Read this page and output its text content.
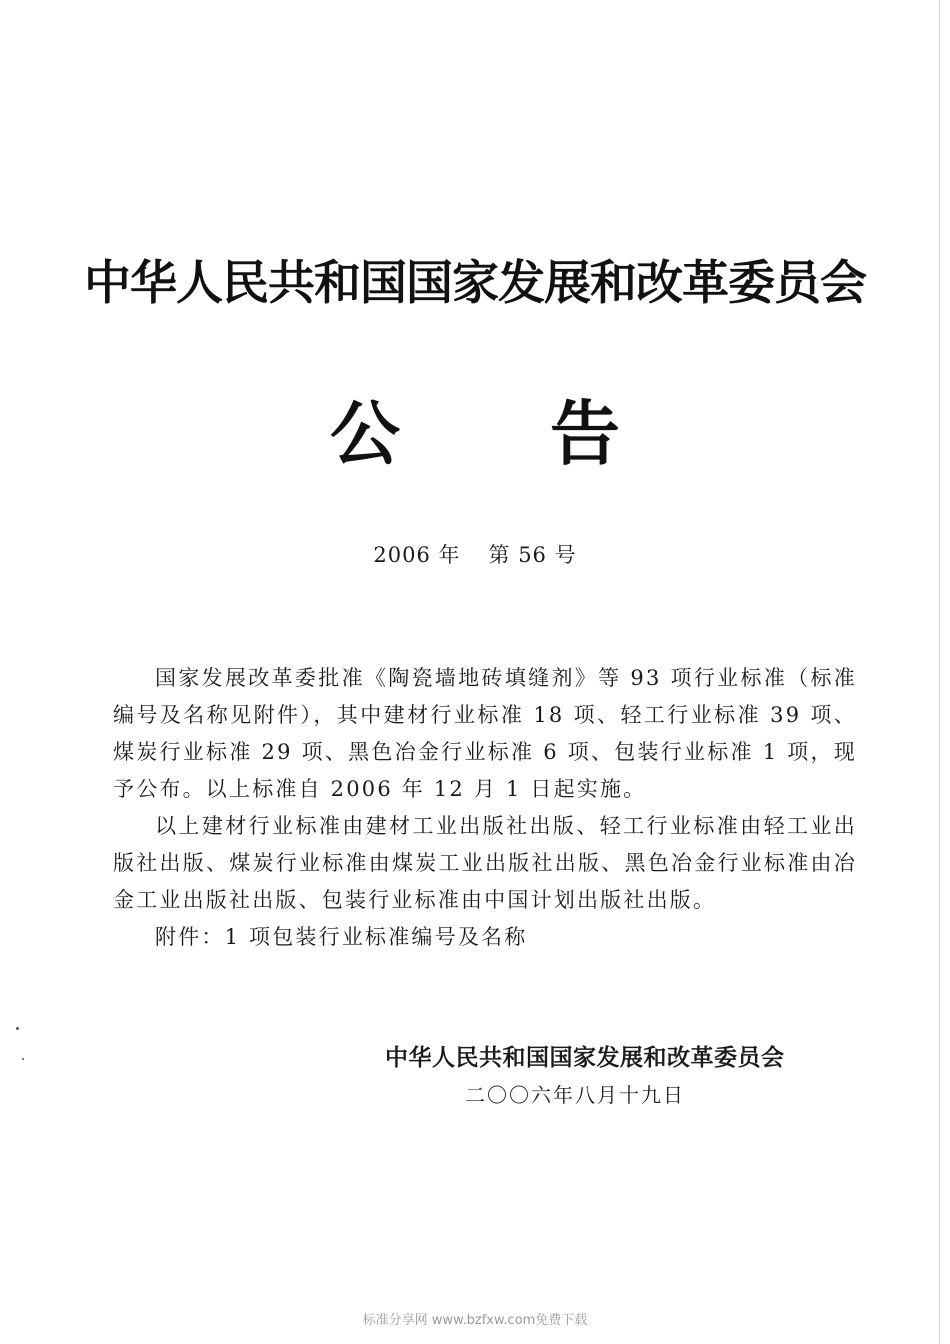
中华人民共和国国家发展和改革委员会
公 告
2006 年 第 56 号

国家发展改革委批准《陶瓷墙地砖填缝剂》等 93 项行业标准（标准编号及名称见附件），其中建材行业标准 18 项、轻工行业标准 39 项、煤炭行业标准 29 项、黑色冶金行业标准 6 项、包装行业标准 1 项，现予公布。以上标准自 2006 年 12 月 1 日起实施。

以上建材行业标准由建材工业出版社出版、轻工行业标准由轻工业出版社出版、煤炭行业标准由煤炭工业出版社出版、黑色冶金行业标准由冶金工业出版社出版、包装行业标准由中国计划出版社出版。

附件：1 项包装行业标准编号及名称

中华人民共和国国家发展和改革委员会
二〇〇六年八月十九日
标准分享网 www.bzfxw.com免费下载
